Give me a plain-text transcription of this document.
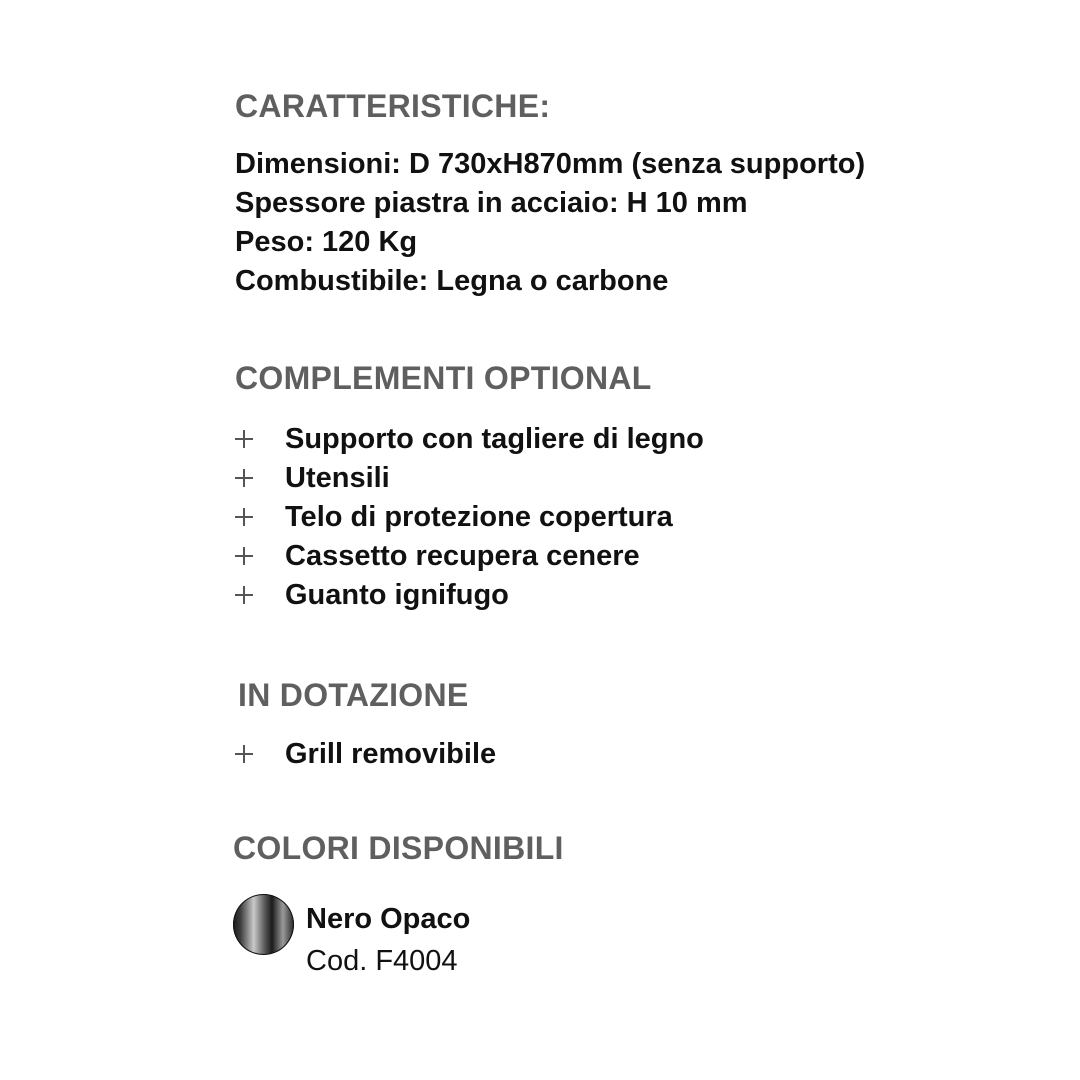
CARATTERISTICHE:
Dimensioni: D 730xH870mm (senza supporto)
Spessore piastra in acciaio: H 10 mm
Peso: 120 Kg
Combustibile: Legna o carbone
COMPLEMENTI OPTIONAL
Supporto con tagliere di legno
Utensili
Telo di protezione copertura
Cassetto recupera cenere
Guanto ignifugo
IN DOTAZIONE
Grill removibile
COLORI DISPONIBILI
Nero Opaco
Cod. F4004
